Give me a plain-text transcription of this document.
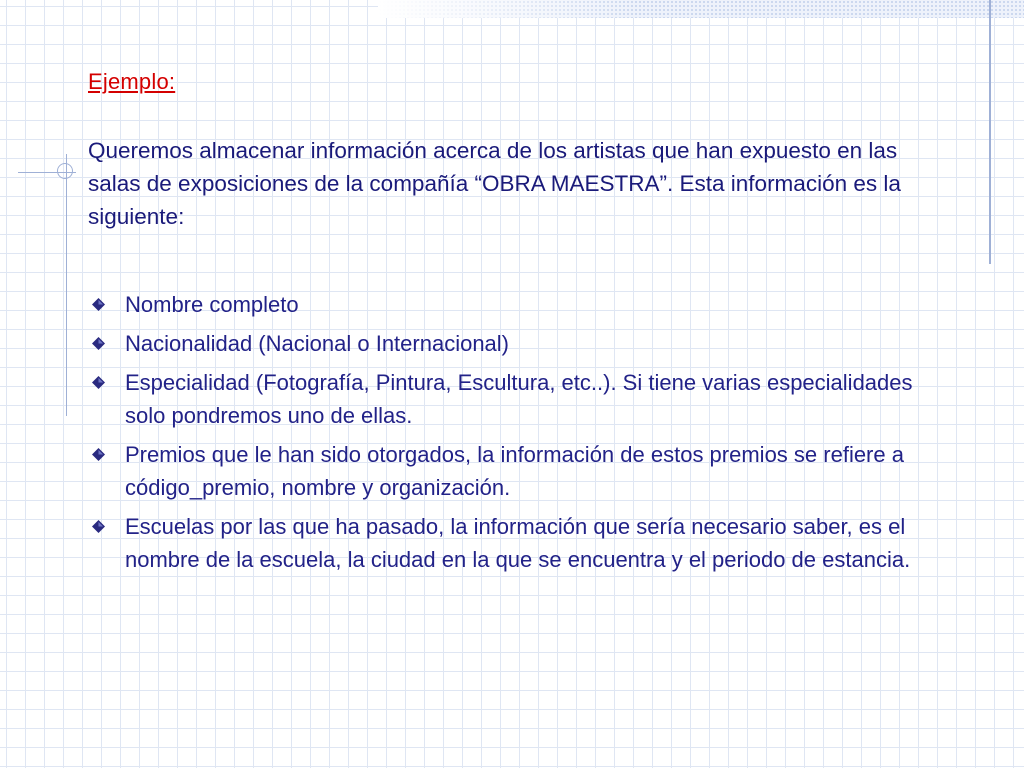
Ejemplo:
Queremos almacenar información acerca de los artistas que han expuesto en las salas de exposiciones de la compañía “OBRA MAESTRA”. Esta información es la siguiente:
Nombre completo
Nacionalidad (Nacional o Internacional)
Especialidad (Fotografía, Pintura, Escultura, etc..). Si tiene varias especialidades solo pondremos uno de ellas.
Premios que le han sido otorgados, la información de estos premios se refiere a código_premio, nombre y organización.
Escuelas por las que ha pasado, la información que sería necesario saber, es el nombre de la escuela, la ciudad en la que se encuentra y el periodo de estancia.
